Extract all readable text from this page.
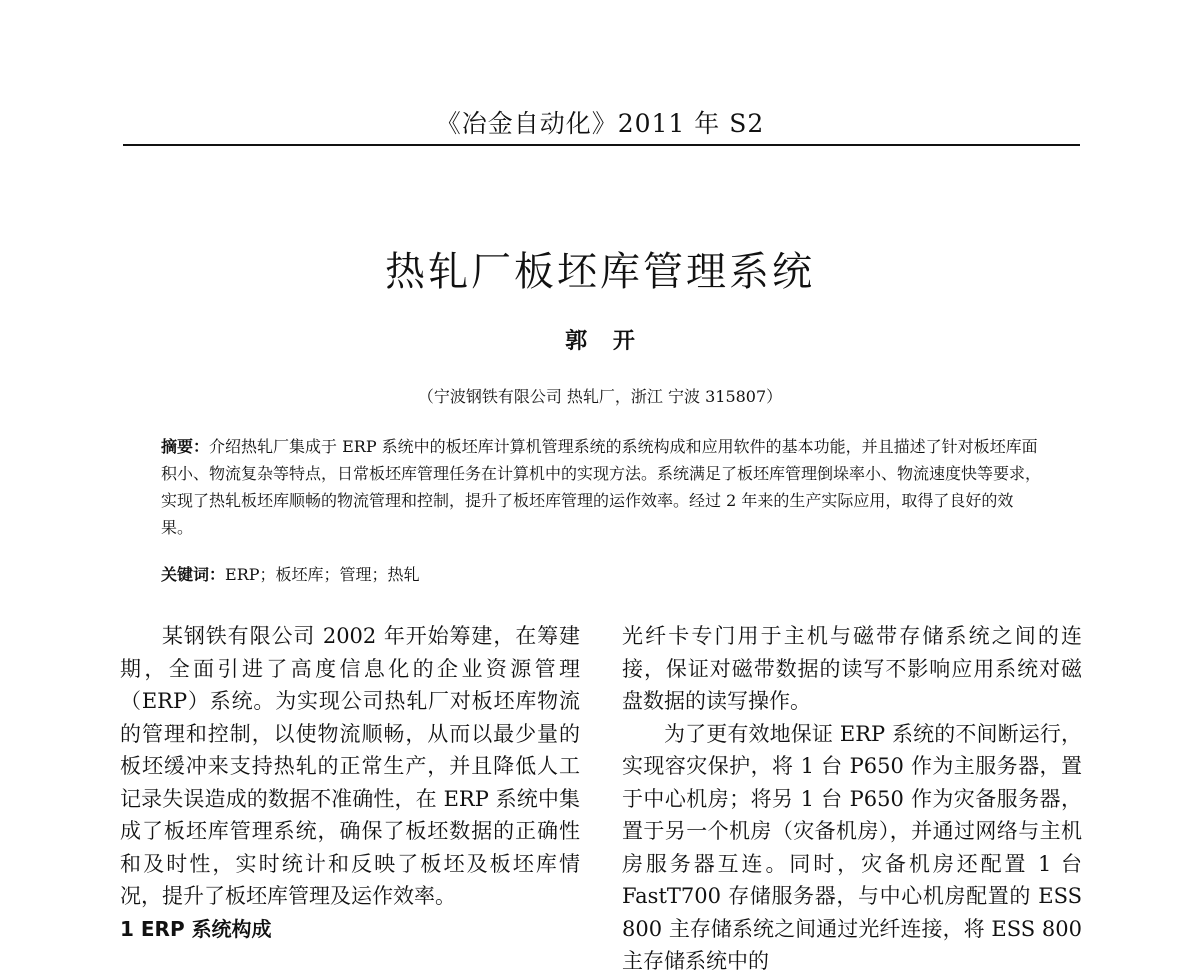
《冶金自动化》2011 年 S2
热轧厂板坯库管理系统
郭 开
（宁波钢铁有限公司 热轧厂，浙江 宁波 315807）
摘要：介绍热轧厂集成于 ERP 系统中的板坯库计算机管理系统的系统构成和应用软件的基本功能，并且描述了针对板坯库面积小、物流复杂等特点，日常板坯库管理任务在计算机中的实现方法。系统满足了板坯库管理倒垛率小、物流速度快等要求，实现了热轧板坯库顺畅的物流管理和控制，提升了板坯库管理的运作效率。经过 2 年来的生产实际应用，取得了良好的效果。
关键词：ERP；板坯库；管理；热轧

某钢铁有限公司 2002 年开始筹建，在筹建期，全面引进了高度信息化的企业资源管理（ERP）系统。为实现公司热轧厂对板坯库物流的管理和控制，以使物流顺畅，从而以最少量的板坯缓冲来支持热轧的正常生产，并且降低人工记录失误造成的数据不准确性，在 ERP 系统中集成了板坯库管理系统，确保了板坯数据的正确性和及时性，实时统计和反映了板坯及板坯库情况，提升了板坯库管理及运作效率。

1 ERP 系统构成

光纤卡专门用于主机与磁带存储系统之间的连接，保证对磁带数据的读写不影响应用系统对磁盘数据的读写操作。

为了更有效地保证 ERP 系统的不间断运行，实现容灾保护，将 1 台 P650 作为主服务器，置于中心机房；将另 1 台 P650 作为灾备服务器，置于另一个机房（灾备机房），并通过网络与主机房服务器互连。同时，灾备机房还配置 1 台 FastT700 存储服务器，与中心机房配置的 ESS 800 主存储系统之间通过光纤连接，将 ESS 800 主存储系统中的
